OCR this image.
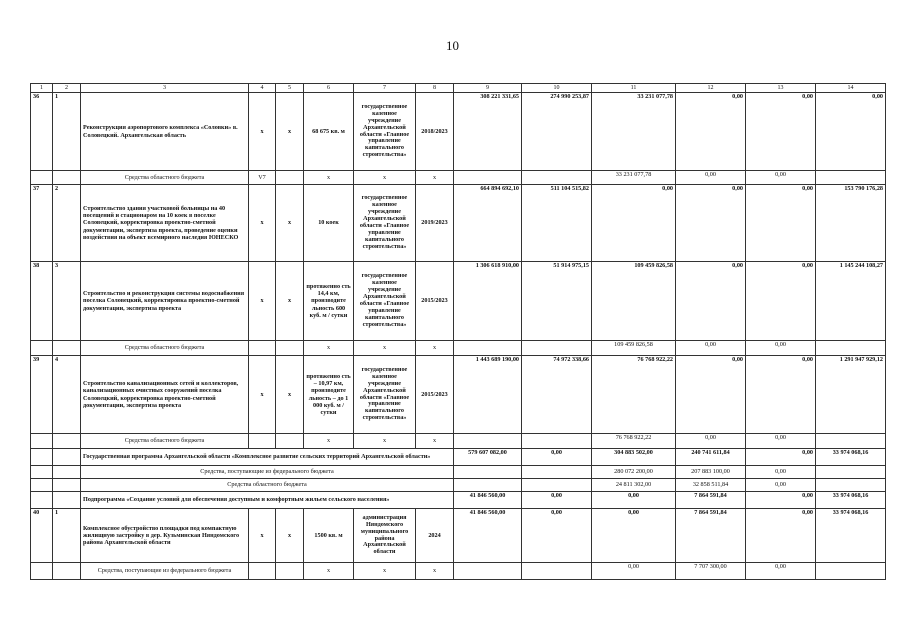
10
1	2	3	4	5	6	7	8	9	10	11	12	13	14
36	1	Реконструкция аэропортового комплекса «Соловки» в. Соловецкий. Архангельская область	х	х	68 675 кв. м	государственное казенное учреждение Архангельской области «Главное управление капитального строительства»	2018/2023	308 221 331,65	274 990 253,87	33 231 077,78	0,00	0,00	0,00
		Средства областного бюджета	V7		х	х	х			33 231 077,78	0,00	0,00	
37	2	Строительство здания участковой больницы на 40 посещений и стационаром на 10 коек в поселке Соловецкий, корректировка проектно-сметной документации, экспертиза проекта, проведение оценки воздействия на объект всемирного наследия ЮНЕСКО	х	х	10 коек	государственное казенное учреждение Архангельской области «Главное управление капитального строительства»	2019/2023	664 894 692,10	511 104 515,82	0,00	0,00	0,00	153 790 176,28
38	3	Строительство и реконструкция системы водоснабжения поселка Соловецкий, корректировка проектно-сметной документации, экспертиза проекта	х	х	протяженно сть 14,4 км, производите льность 600 куб. м / сутки	государственное казенное учреждение Архангельской области «Главное управление капитального строительства»	2015/2023	1 306 618 910,00	51 914 975,15	109 459 826,58	0,00	0,00	1 145 244 108,27
		Средства областного бюджета			х	х	х			109 459 826,58	0,00	0,00	
39	4	Строительство канализационных сетей и коллекторов, канализационных очистных сооружений поселка Соловецкий, корректировка проектно-сметной документации, экспертиза проекта	х	х	протяженно сть – 10,97 км, производите льность – до 1 000 куб. м / сутки	государственное казенное учреждение Архангельской области «Главное управление капитального строительства»	2015/2023	1 443 689 190,00	74 972 338,66	76 768 922,22	0,00	0,00	1 291 947 929,12
		Средства областного бюджета			х	х	х			76 768 922,22	0,00	0,00	
		Государственная программа Архангельской области «Комплексное развитие сельских территорий Архангельской области»						579 607 082,00	0,00	304 883 502,00	240 741 611,84	0,00	33 974 068,16
		Средства, поступающие из федерального бюджета								280 072 200,00	207 883 100,00	0,00	
		Средства областного бюджета								24 811 302,00	32 858 511,84	0,00	
		Подпрограмма «Создание условий для обеспечения доступным и комфортным жильем сельского населения»						41 846 560,00	0,00	0,00	7 864 591,84	0,00	33 974 068,16
40	1	Комплексное обустройство площадки под компактную жилищную застройку в дер. Кузьминская Няндомского района Архангельской области	х	х	1500 кв. м	администрация Няндомского муниципального района Архангельской области	2024	41 846 560,00	0,00	0,00	7 864 591,84	0,00	33 974 068,16
		Средства, поступающие из федерального бюджета			х	х	х			0,00	7 707 300,00	0,00	
